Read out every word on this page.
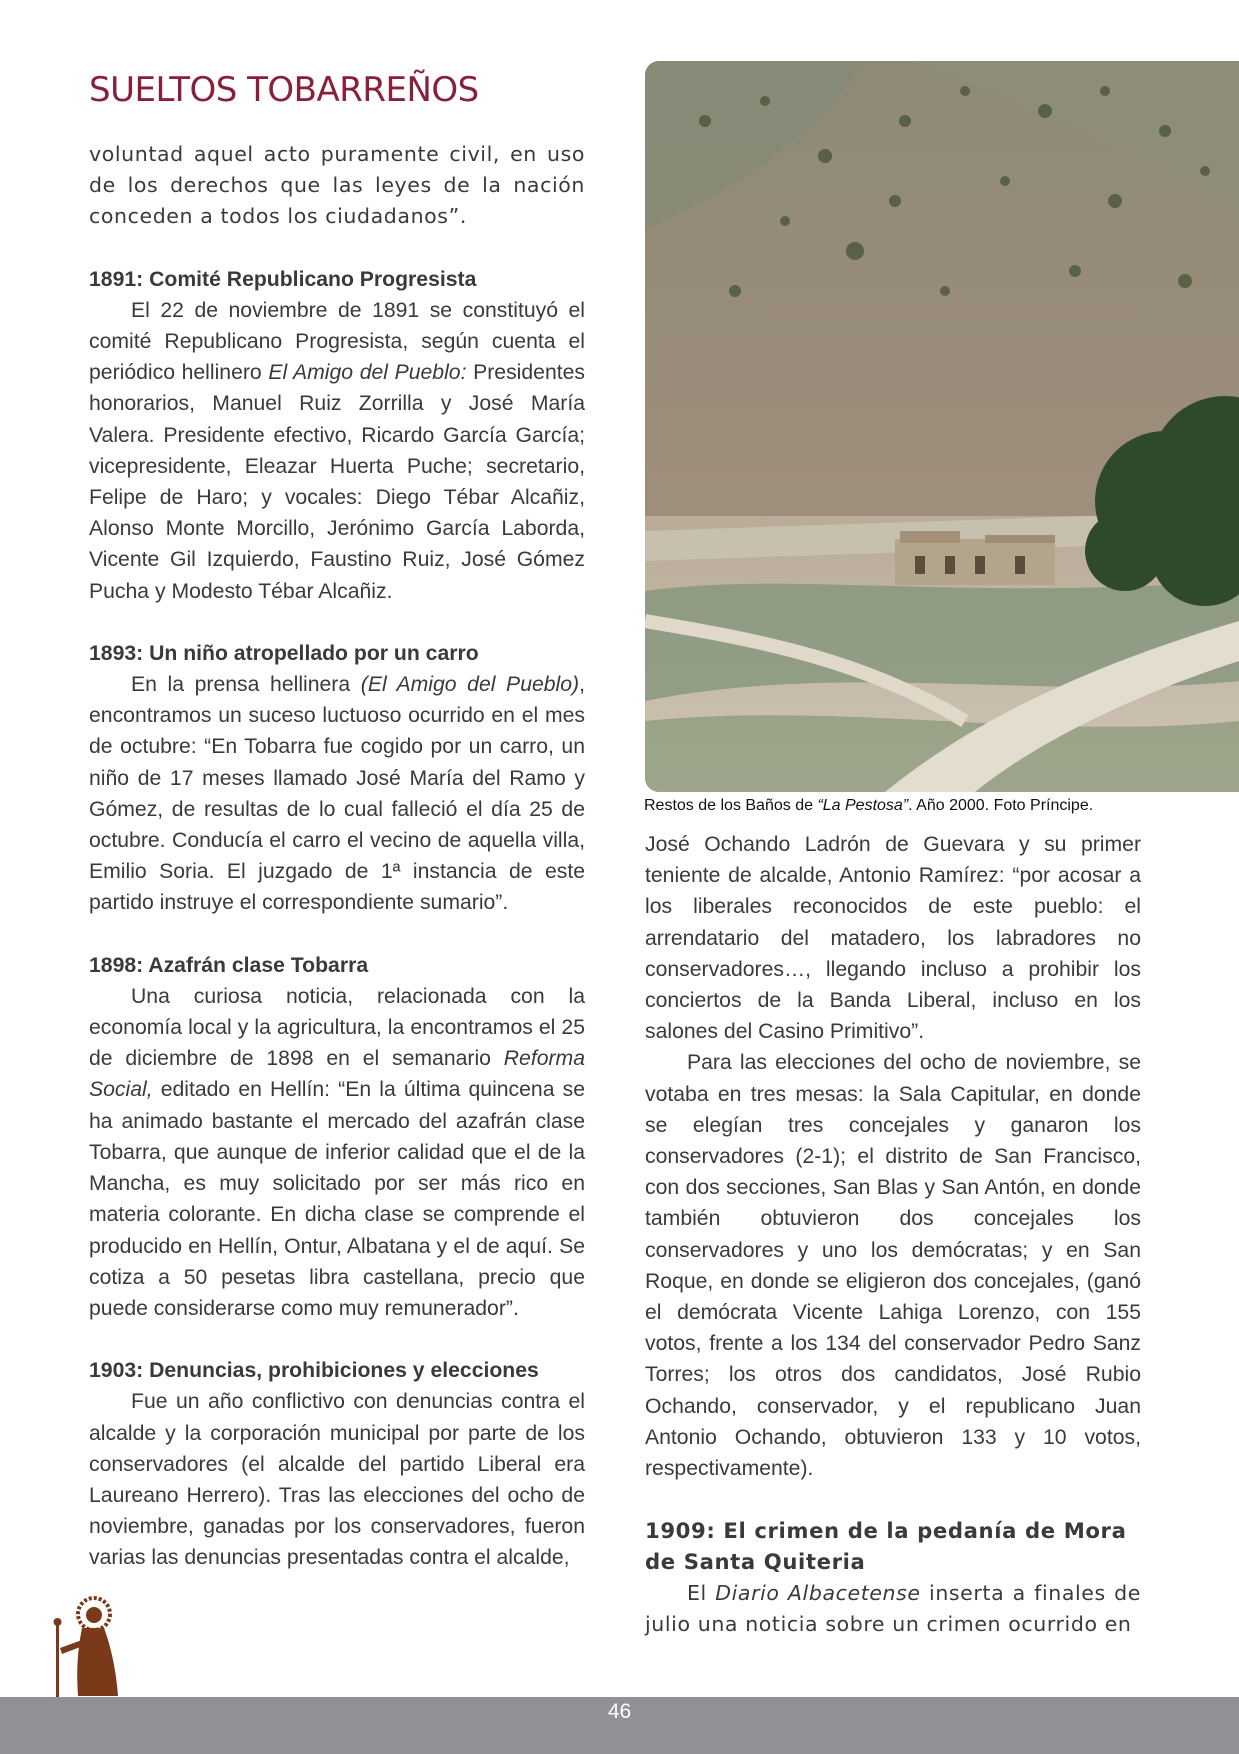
SUELTOS TOBARREÑOS

voluntad aquel acto puramente civil, en uso de los derechos que las leyes de la nación conceden a todos los ciudadanos”.

1891: Comité Republicano Progresista

El 22 de noviembre de 1891 se constituyó el comité Republicano Progresista, según cuenta el periódico hellinero El Amigo del Pueblo: Presidentes honorarios, Manuel Ruiz Zorrilla y José María Valera. Presidente efectivo, Ricardo García García; vicepresidente, Eleazar Huerta Puche; secretario, Felipe de Haro; y vocales: Diego Tébar Alcañiz, Alonso Monte Morcillo, Jerónimo García Laborda, Vicente Gil Izquierdo, Faustino Ruiz, José Gómez Pucha y Modesto Tébar Alcañiz.

1893: Un niño atropellado por un carro

En la prensa hellinera (El Amigo del Pueblo), encontramos un suceso luctuoso ocurrido en el mes de octubre: “En Tobarra fue cogido por un carro, un niño de 17 meses llamado José María del Ramo y Gómez, de resultas de lo cual falleció el día 25 de octubre. Conducía el carro el vecino de aquella villa, Emilio Soria. El juzgado de 1ª instancia de este partido instruye el correspondiente sumario”.

1898: Azafrán clase Tobarra

Una curiosa noticia, relacionada con la economía local y la agricultura, la encontramos el 25 de diciembre de 1898 en el semanario Reforma Social, editado en Hellín: “En la última quincena se ha animado bastante el mercado del azafrán clase Tobarra, que aunque de inferior calidad que el de la Mancha, es muy solicitado por ser más rico en materia colorante. En dicha clase se comprende el producido en Hellín, Ontur, Albatana y el de aquí. Se cotiza a 50 pesetas libra castellana, precio que puede considerarse como muy remunerador”.

1903: Denuncias, prohibiciones y elecciones

Fue un año conflictivo con denuncias contra el alcalde y la corporación municipal por parte de los conservadores (el alcalde del partido Liberal era Laureano Herrero). Tras las elecciones del ocho de noviembre, ganadas por los conservadores, fueron varias las denuncias presentadas contra el alcalde,

Restos de los Baños de “La Pestosa”. Año 2000. Foto Príncipe.

José Ochando Ladrón de Guevara y su primer teniente de alcalde, Antonio Ramírez: “por acosar a los liberales reconocidos de este pueblo: el arrendatario del matadero, los labradores no conservadores…, llegando incluso a prohibir los conciertos de la Banda Liberal, incluso en los salones del Casino Primitivo”.

Para las elecciones del ocho de noviembre, se votaba en tres mesas: la Sala Capitular, en donde se elegían tres concejales y ganaron los conservadores (2-1); el distrito de San Francisco, con dos secciones, San Blas y San Antón, en donde también obtuvieron dos concejales los conservadores y uno los demócratas; y en San Roque, en donde se eligieron dos concejales, (ganó el demócrata Vicente Lahiga Lorenzo, con 155 votos, frente a los 134 del conservador Pedro Sanz Torres; los otros dos candidatos, José Rubio Ochando, conservador, y el republicano Juan Antonio Ochando, obtuvieron 133 y 10 votos, respectivamente).

1909: El crimen de la pedanía de Mora de Santa Quiteria

El Diario Albacetense inserta a finales de julio una noticia sobre un crimen ocurrido en

46
